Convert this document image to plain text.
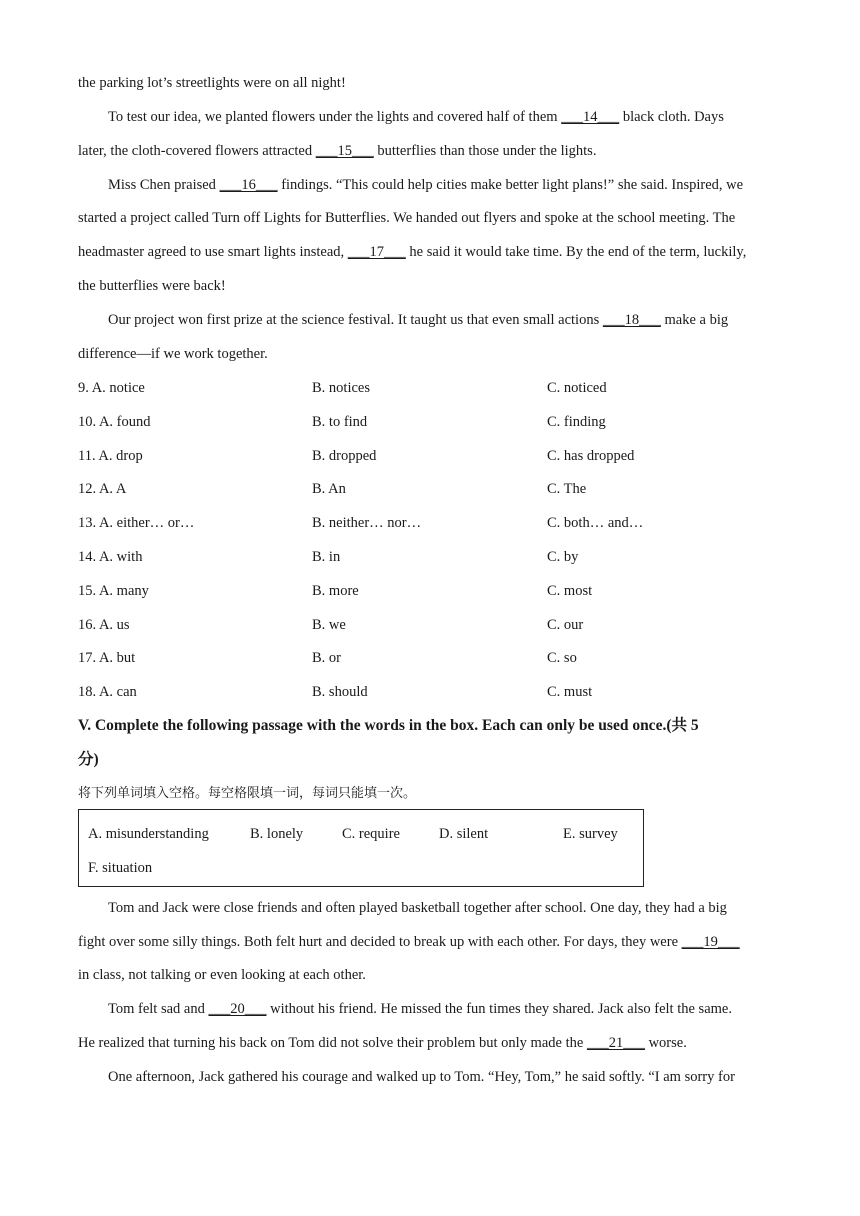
the parking lot’s streetlights were on all night!
To test our idea, we planted flowers under the lights and covered half of them ___14___ black cloth. Days
later, the cloth-covered flowers attracted ___15___ butterflies than those under the lights.
Miss Chen praised ___16___ findings. “This could help cities make better light plans!” she said. Inspired, we
started a project called Turn off Lights for Butterflies. We handed out flyers and spoke at the school meeting. The
headmaster agreed to use smart lights instead, ___17___ he said it would take time. By the end of the term, luckily,
the butterflies were back!
Our project won first prize at the science festival. It taught us that even small actions ___18___ make a big
difference—if we work together.
9. A. notice	B. notices	C. noticed
10. A. found	B. to find	C. finding
11. A. drop	B. dropped	C. has dropped
12. A. A	B. An	C. The
13. A. either… or…	B. neither… nor…	C. both… and…
14. A. with	B. in	C. by
15. A. many	B. more	C. most
16. A. us	B. we	C. our
17. A. but	B. or	C. so
18. A. can	B. should	C. must
V. Complete the following passage with the words in the box. Each can only be used once.(共 5
分)
将下列单词填入空格。每空格限填一词，每词只能填一次。
A. misunderstanding	B. lonely	C. require	D. silent	E. survey
F. situation
Tom and Jack were close friends and often played basketball together after school. One day, they had a big
fight over some silly things. Both felt hurt and decided to break up with each other. For days, they were ___19___
in class, not talking or even looking at each other.
Tom felt sad and ___20___ without his friend. He missed the fun times they shared. Jack also felt the same.
He realized that turning his back on Tom did not solve their problem but only made the ___21___ worse.
One afternoon, Jack gathered his courage and walked up to Tom. “Hey, Tom,” he said softly. “I am sorry for
